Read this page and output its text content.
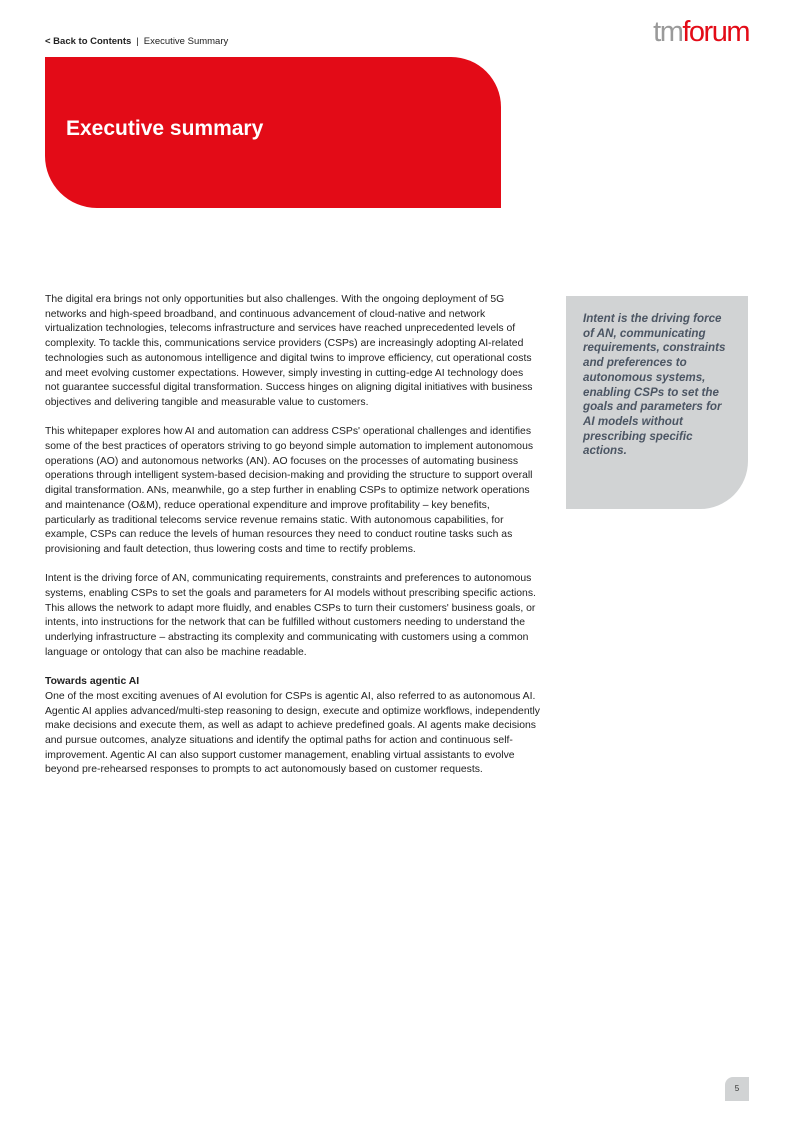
< Back to Contents | Executive Summary	tmforum
Executive summary

The digital era brings not only opportunities but also challenges. With the ongoing deployment of 5G networks and high-speed broadband, and continuous advancement of cloud-native and network virtualization technologies, telecoms infrastructure and services have reached unprecedented levels of complexity. To tackle this, communications service providers (CSPs) are increasingly adopting AI-related technologies such as autonomous intelligence and digital twins to improve efficiency, cut operational costs and meet evolving customer expectations. However, simply investing in cutting-edge AI technology does not guarantee successful digital transformation. Success hinges on aligning digital initiatives with business objectives and delivering tangible and measurable value to customers.

This whitepaper explores how AI and automation can address CSPs' operational challenges and identifies some of the best practices of operators striving to go beyond simple automation to implement autonomous operations (AO) and autonomous networks (AN). AO focuses on the processes of automating business operations through intelligent system-based decision-making and providing the structure to support overall digital transformation. ANs, meanwhile, go a step further in enabling CSPs to optimize network operations and maintenance (O&M), reduce operational expenditure and improve profitability – key benefits, particularly as traditional telecoms service revenue remains static. With autonomous capabilities, for example, CSPs can reduce the levels of human resources they need to conduct routine tasks such as provisioning and fault detection, thus lowering costs and time to rectify problems.

Intent is the driving force of AN, communicating requirements, constraints and preferences to autonomous systems, enabling CSPs to set the goals and parameters for AI models without prescribing specific actions. This allows the network to adapt more fluidly, and enables CSPs to turn their customers' business goals, or intents, into instructions for the network that can be fulfilled without customers needing to understand the underlying infrastructure – abstracting its complexity and communicating with customers using a common language or ontology that can also be machine readable.

Towards agentic AI

One of the most exciting avenues of AI evolution for CSPs is agentic AI, also referred to as autonomous AI. Agentic AI applies advanced/multi-step reasoning to design, execute and optimize workflows, independently make decisions and execute them, as well as adapt to achieve predefined goals. AI agents make decisions and pursue outcomes, analyze situations and identify the optimal paths for action and continuous self-improvement. Agentic AI can also support customer management, enabling virtual assistants to evolve beyond pre-rehearsed responses to prompts to act autonomously based on customer requests.

Intent is the driving force of AN, communicating requirements, constraints and preferences to autonomous systems, enabling CSPs to set the goals and parameters for AI models without prescribing specific actions.

5
